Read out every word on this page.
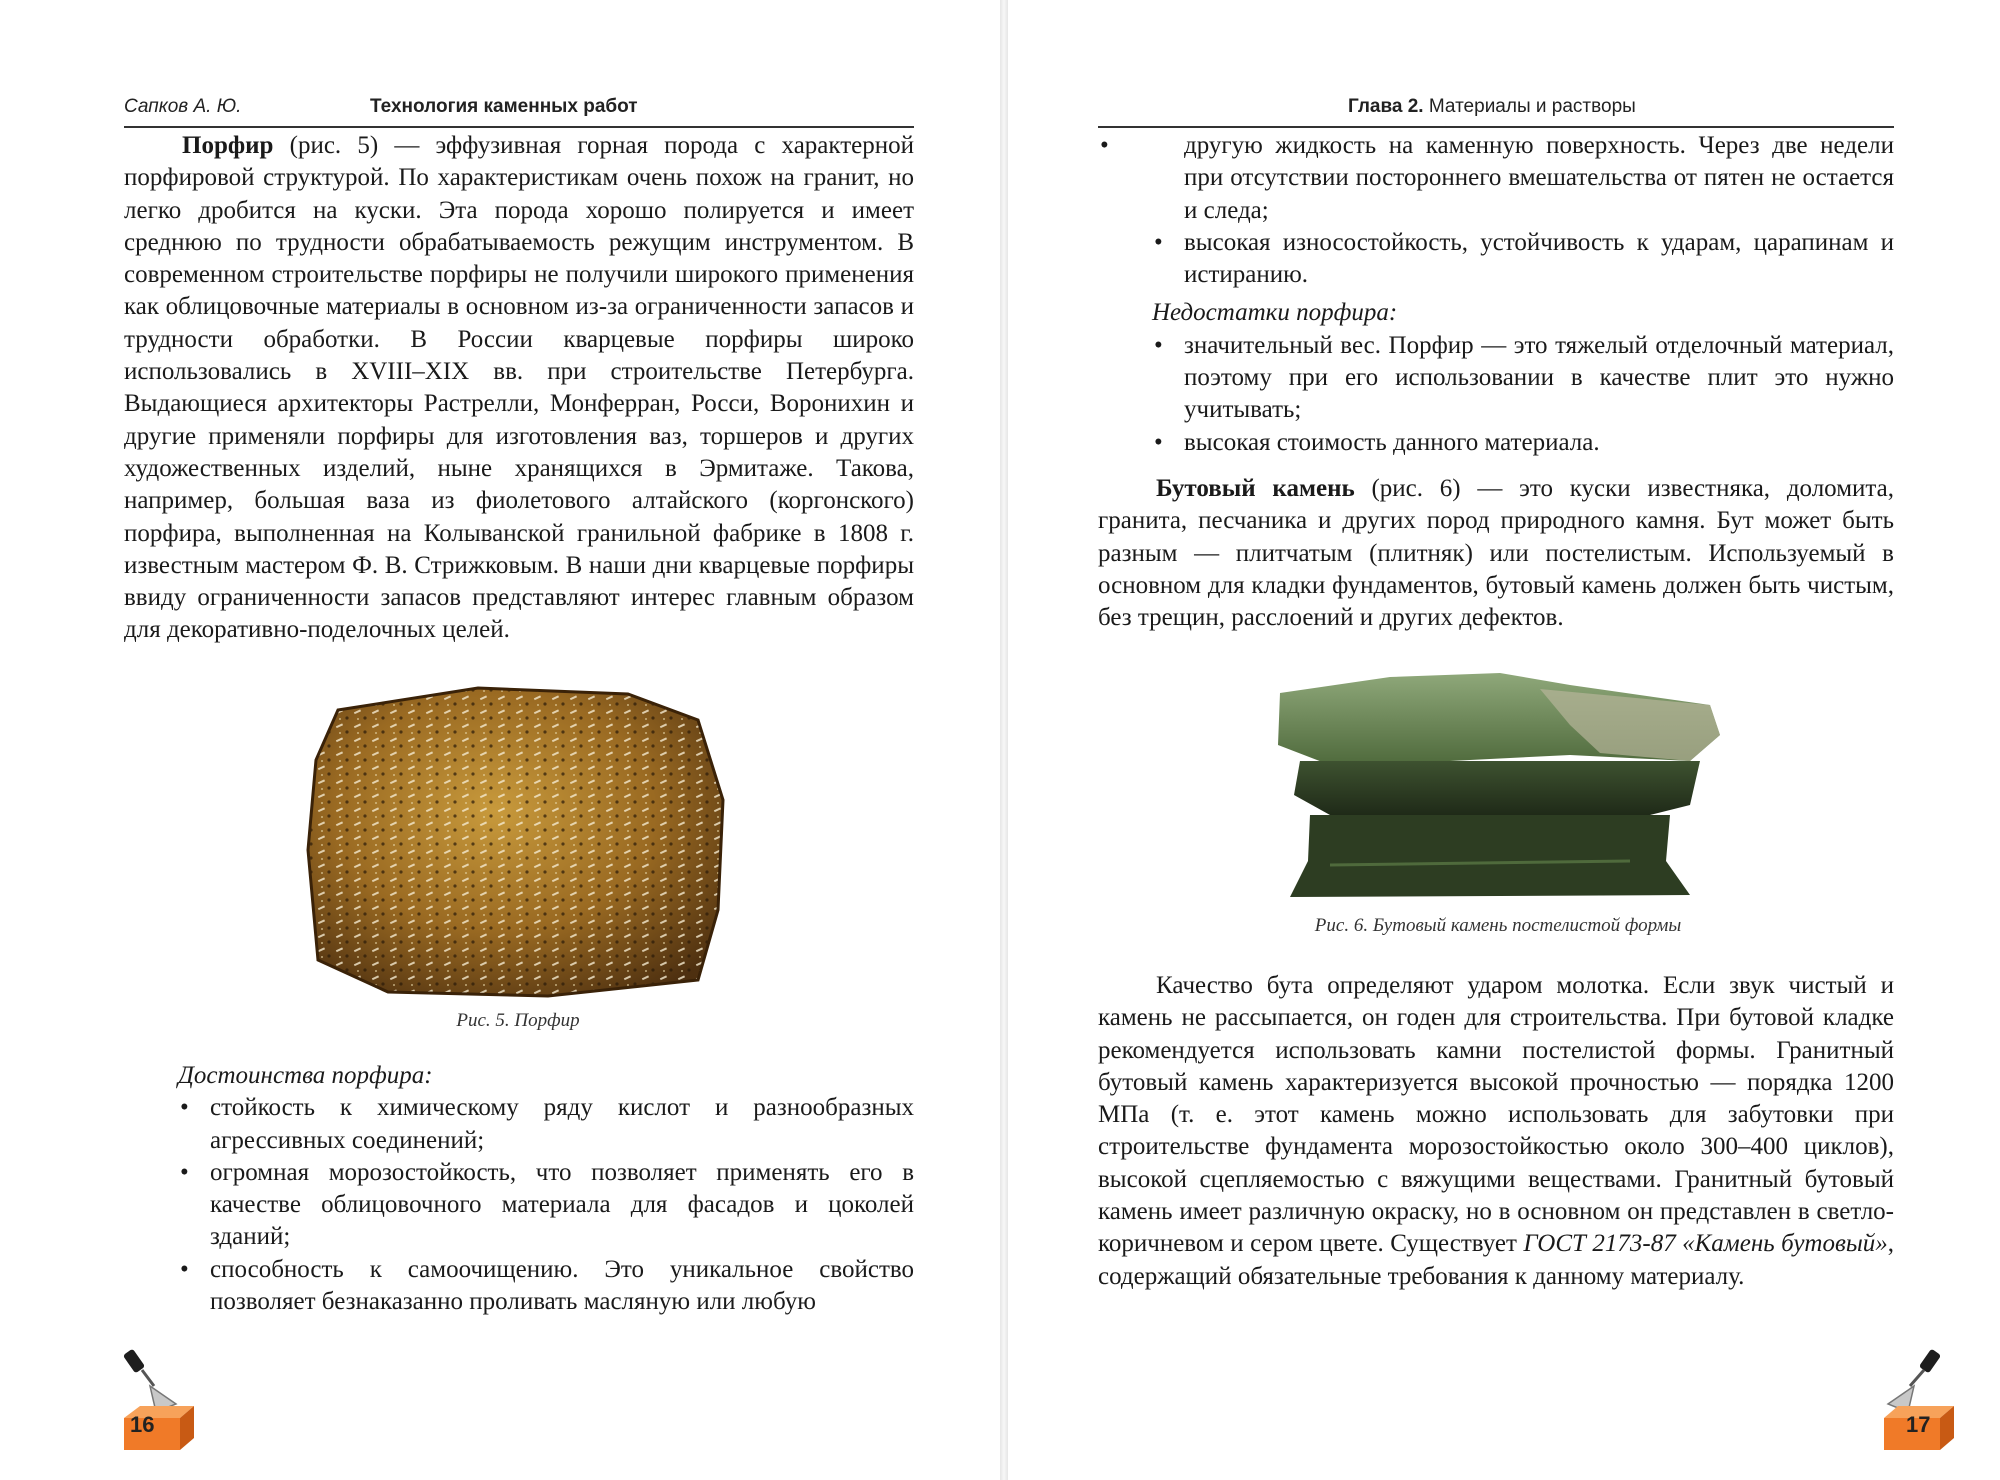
Сапков А. Ю.	Технология каменных работ

Порфир (рис. 5) — эффузивная горная порода с характерной порфировой структурой. По характеристикам очень похож на гранит, но легко дробится на куски. Эта порода хорошо полируется и имеет среднюю по трудности обрабатываемость режущим инструментом. В современном строительстве порфиры не получили широкого применения как облицовочные материалы в основном из-за ограниченности запасов и трудности обработки. В России кварцевые порфиры широко использовались в XVIII–XIX вв. при строительстве Петербурга. Выдающиеся архитекторы Растрелли, Монферран, Росси, Воронихин и другие применяли порфиры для изготовления ваз, торшеров и других художественных изделий, ныне хранящихся в Эрмитаже. Такова, например, большая ваза из фиолетового алтайского (коргонского) порфира, выполненная на Колыванской гранильной фабрике в 1808 г. известным мастером Ф. В. Стрижковым. В наши дни кварцевые порфиры ввиду ограниченности запасов представляют интерес главным образом для декоративно-поделочных целей.

Рис. 5. Порфир

Достоинства порфира:

• стойкость к химическому ряду кислот и разнообразных агрессивных соединений;
• огромная морозостойкость, что позволяет применять его в качестве облицовочного материала для фасадов и цоколей зданий;
• способность к самоочищению. Это уникальное свойство позволяет безнаказанно проливать масляную или любую
16
Глава 2. Материалы и растворы
• другую жидкость на каменную поверхность. Через две недели при отсутствии постороннего вмешательства от пятен не остается и следа;
• высокая износостойкость, устойчивость к ударам, царапинам и истиранию.

Недостатки порфира:

• значительный вес. Порфир — это тяжелый отделочный материал, поэтому при его использовании в качестве плит это нужно учитывать;
• высокая стоимость данного материала.

Бутовый камень (рис. 6) — это куски известняка, доломита, гранита, песчаника и других пород природного камня. Бут может быть разным — плитчатым (плитняк) или постелистым. Используемый в основном для кладки фундаментов, бутовый камень должен быть чистым, без трещин, расслоений и других дефектов.

Рис. 6. Бутовый камень постелистой формы

Качество бута определяют ударом молотка. Если звук чистый и камень не рассыпается, он годен для строительства. При бутовой кладке рекомендуется использовать камни постелистой формы. Гранитный бутовый камень характеризуется высокой прочностью — порядка 1200 МПа (т. е. этот камень можно использовать для забутовки при строительстве фундамента морозостойкостью около 300–400 циклов), высокой сцепляемостью с вяжущими веществами. Гранитный бутовый камень имеет различную окраску, но в основном он представлен в светло-коричневом и сером цвете. Существует ГОСТ 2173-87 «Камень бутовый», содержащий обязательные требования к данному материалу.

17
